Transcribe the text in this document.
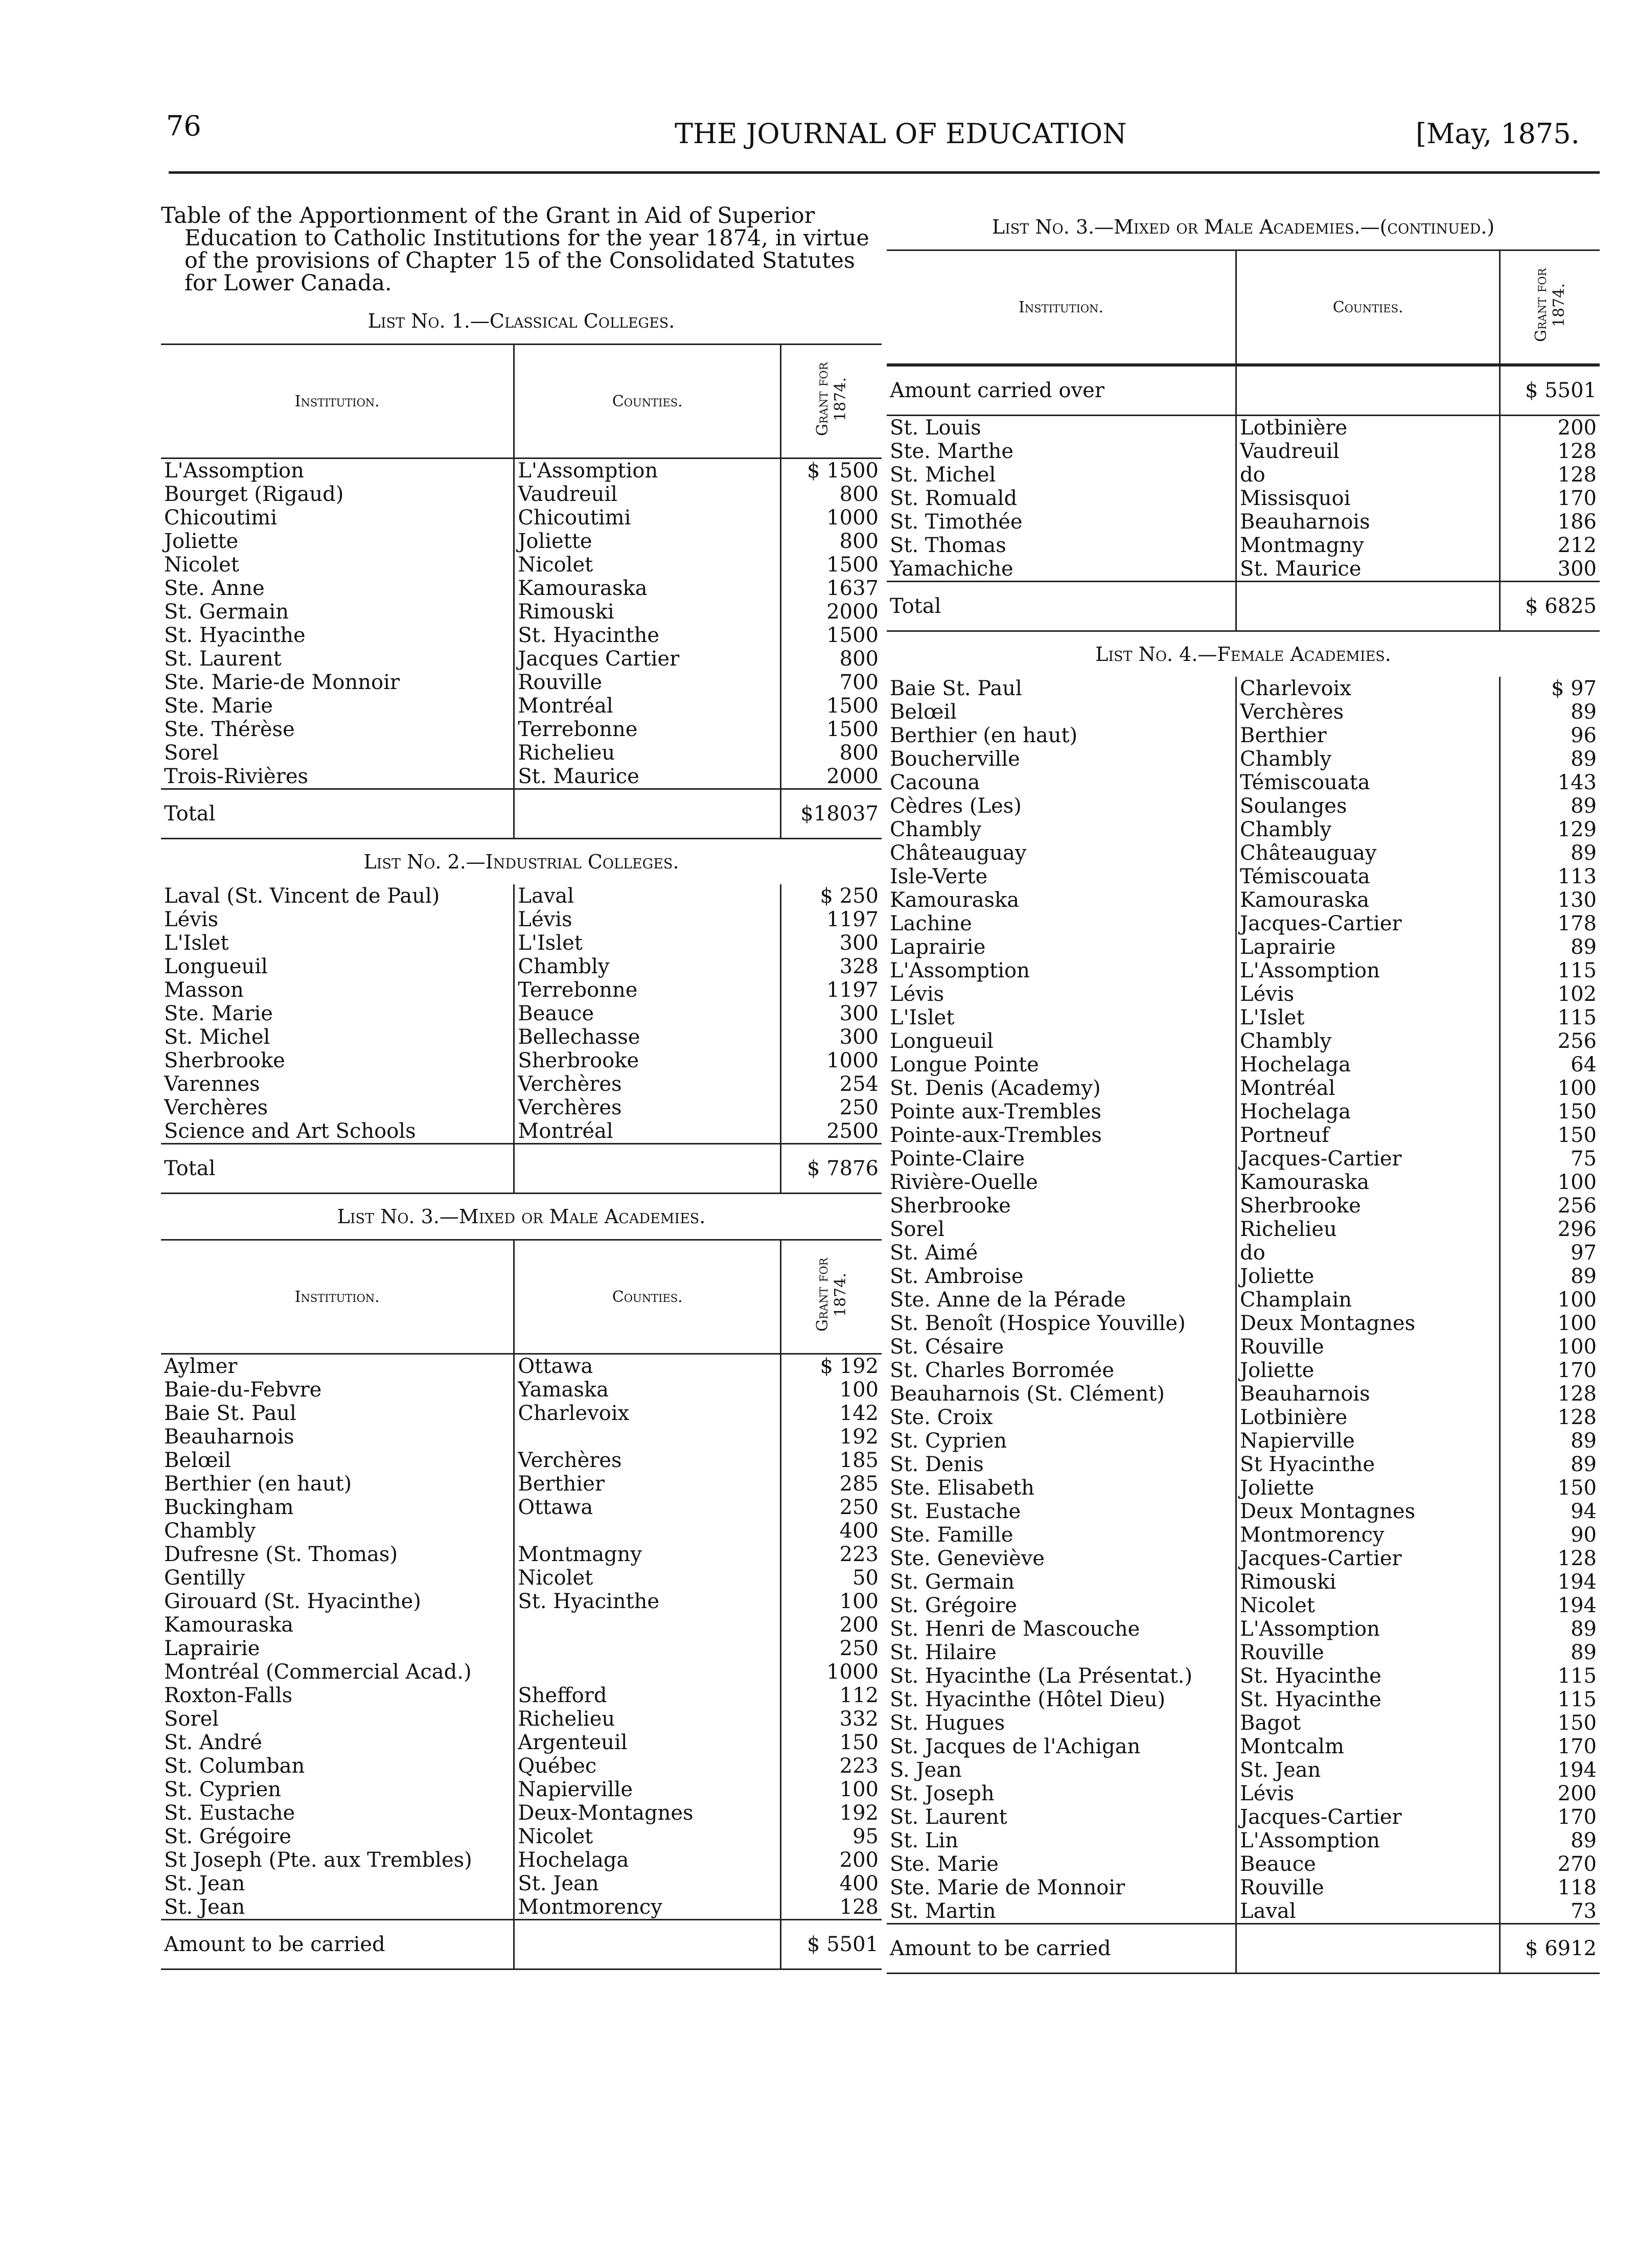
76	THE JOURNAL OF EDUCATION	[May, 1875.

Table of the Apportionment of the Grant in Aid of Superior Education to Catholic Institutions for the year 1874, in virtue of the provisions of Chapter 15 of the Consolidated Statutes for Lower Canada.

List No. 1.—Classical Colleges.
Institution.	Counties.	Grant for 1874.
L'Assomption	L'Assomption	$ 1500
Bourget (Rigaud)	Vaudreuil	800
Chicoutimi	Chicoutimi	1000
Joliette	Joliette	800
Nicolet	Nicolet	1500
Ste. Anne	Kamouraska	1637
St. Germain	Rimouski	2000
St. Hyacinthe	St. Hyacinthe	1500
St. Laurent	Jacques Cartier	800
Ste. Marie-de Monnoir	Rouville	700
Ste. Marie	Montréal	1500
Ste. Thérèse	Terrebonne	1500
Sorel	Richelieu	800
Trois-Rivières	St. Maurice	2000
Total		$18037
List No. 2.—Industrial Colleges.
Laval (St. Vincent de Paul)	Laval	$ 250
Lévis	Lévis	1197
L'Islet	L'Islet	300
Longueuil	Chambly	328
Masson	Terrebonne	1197
Ste. Marie	Beauce	300
St. Michel	Bellechasse	300
Sherbrooke	Sherbrooke	1000
Varennes	Verchères	254
Verchères	Verchères	250
Science and Art Schools	Montréal	2500
Total		$ 7876
List No. 3.—Mixed or Male Academies.
Institution.	Counties.	Grant for 1874.
Aylmer	Ottawa	$ 192
Baie-du-Febvre	Yamaska	100
Baie St. Paul	Charlevoix	142
Beauharnois		192
Belœil	Verchères	185
Berthier (en haut)	Berthier	285
Buckingham	Ottawa	250
Chambly		400
Dufresne (St. Thomas)	Montmagny	223
Gentilly	Nicolet	50
Girouard (St. Hyacinthe)	St. Hyacinthe	100
Kamouraska		200
Laprairie		250
Montréal (Commercial Acad.)		1000
Roxton-Falls	Shefford	112
Sorel	Richelieu	332
St. André	Argenteuil	150
St. Columban	Québec	223
St. Cyprien	Napierville	100
St. Eustache	Deux-Montagnes	192
St. Grégoire	Nicolet	95
St Joseph (Pte. aux Trembles)	Hochelaga	200
St. Jean	St. Jean	400
St. Jean	Montmorency	128
Amount to be carried		$ 5501
List No. 3.—Mixed or Male Academies.—(continued.)
Institution.	Counties.	Grant for 1874.
Amount carried over		$ 5501
St. Louis	Lotbinière	200
Ste. Marthe	Vaudreuil	128
St. Michel	do	128
St. Romuald	Missisquoi	170
St. Timothée	Beauharnois	186
St. Thomas	Montmagny	212
Yamachiche	St. Maurice	300
Total		$ 6825
List No. 4.—Female Academies.
Baie St. Paul	Charlevoix	$ 97
Belœil	Verchères	89
Berthier (en haut)	Berthier	96
Boucherville	Chambly	89
Cacouna	Témiscouata	143
Cèdres (Les)	Soulanges	89
Chambly	Chambly	129
Châteauguay	Châteauguay	89
Isle-Verte	Témiscouata	113
Kamouraska	Kamouraska	130
Lachine	Jacques-Cartier	178
Laprairie	Laprairie	89
L'Assomption	L'Assomption	115
Lévis	Lévis	102
L'Islet	L'Islet	115
Longueuil	Chambly	256
Longue Pointe	Hochelaga	64
St. Denis (Academy)	Montréal	100
Pointe aux-Trembles	Hochelaga	150
Pointe-aux-Trembles	Portneuf	150
Pointe-Claire	Jacques-Cartier	75
Rivière-Ouelle	Kamouraska	100
Sherbrooke	Sherbrooke	256
Sorel	Richelieu	296
St. Aimé	do	97
St. Ambroise	Joliette	89
Ste. Anne de la Pérade	Champlain	100
St. Benoît (Hospice Youville)	Deux Montagnes	100
St. Césaire	Rouville	100
St. Charles Borromée	Joliette	170
Beauharnois (St. Clément)	Beauharnois	128
Ste. Croix	Lotbinière	128
St. Cyprien	Napierville	89
St. Denis	St Hyacinthe	89
Ste. Elisabeth	Joliette	150
St. Eustache	Deux Montagnes	94
Ste. Famille	Montmorency	90
Ste. Geneviève	Jacques-Cartier	128
St. Germain	Rimouski	194
St. Grégoire	Nicolet	194
St. Henri de Mascouche	L'Assomption	89
St. Hilaire	Rouville	89
St. Hyacinthe (La Présentat.)	St. Hyacinthe	115
St. Hyacinthe (Hôtel Dieu)	St. Hyacinthe	115
St. Hugues	Bagot	150
St. Jacques de l'Achigan	Montcalm	170
S. Jean	St. Jean	194
St. Joseph	Lévis	200
St. Laurent	Jacques-Cartier	170
St. Lin	L'Assomption	89
Ste. Marie	Beauce	270
Ste. Marie de Monnoir	Rouville	118
St. Martin	Laval	73
Amount to be carried		$ 6912
